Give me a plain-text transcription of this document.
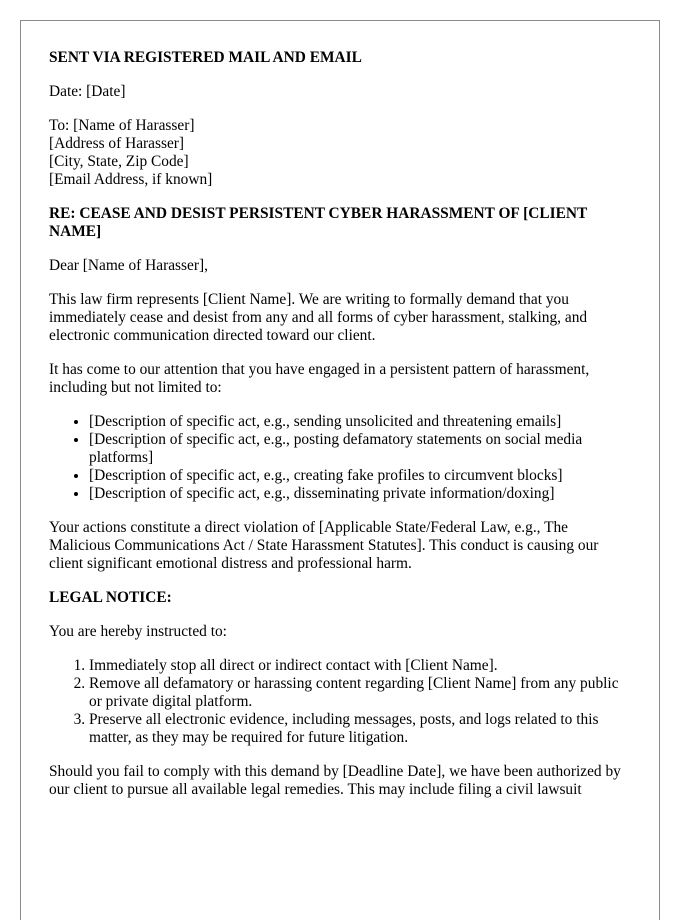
SENT VIA REGISTERED MAIL AND EMAIL

Date: [Date]

To: [Name of Harasser]
[Address of Harasser]
[City, State, Zip Code]
[Email Address, if known]

RE: CEASE AND DESIST PERSISTENT CYBER HARASSMENT OF [CLIENT NAME]

Dear [Name of Harasser],

This law firm represents [Client Name]. We are writing to formally demand that you immediately cease and desist from any and all forms of cyber harassment, stalking, and electronic communication directed toward our client.

It has come to our attention that you have engaged in a persistent pattern of harassment, including but not limited to:

• [Description of specific act, e.g., sending unsolicited and threatening emails]
• [Description of specific act, e.g., posting defamatory statements on social media platforms]
• [Description of specific act, e.g., creating fake profiles to circumvent blocks]
• [Description of specific act, e.g., disseminating private information/doxing]

Your actions constitute a direct violation of [Applicable State/Federal Law, e.g., The Malicious Communications Act / State Harassment Statutes]. This conduct is causing our client significant emotional distress and professional harm.

LEGAL NOTICE:

You are hereby instructed to:

1. Immediately stop all direct or indirect contact with [Client Name].
2. Remove all defamatory or harassing content regarding [Client Name] from any public or private digital platform.
3. Preserve all electronic evidence, including messages, posts, and logs related to this matter, as they may be required for future litigation.

Should you fail to comply with this demand by [Deadline Date], we have been authorized by our client to pursue all available legal remedies. This may include filing a civil lawsuit
